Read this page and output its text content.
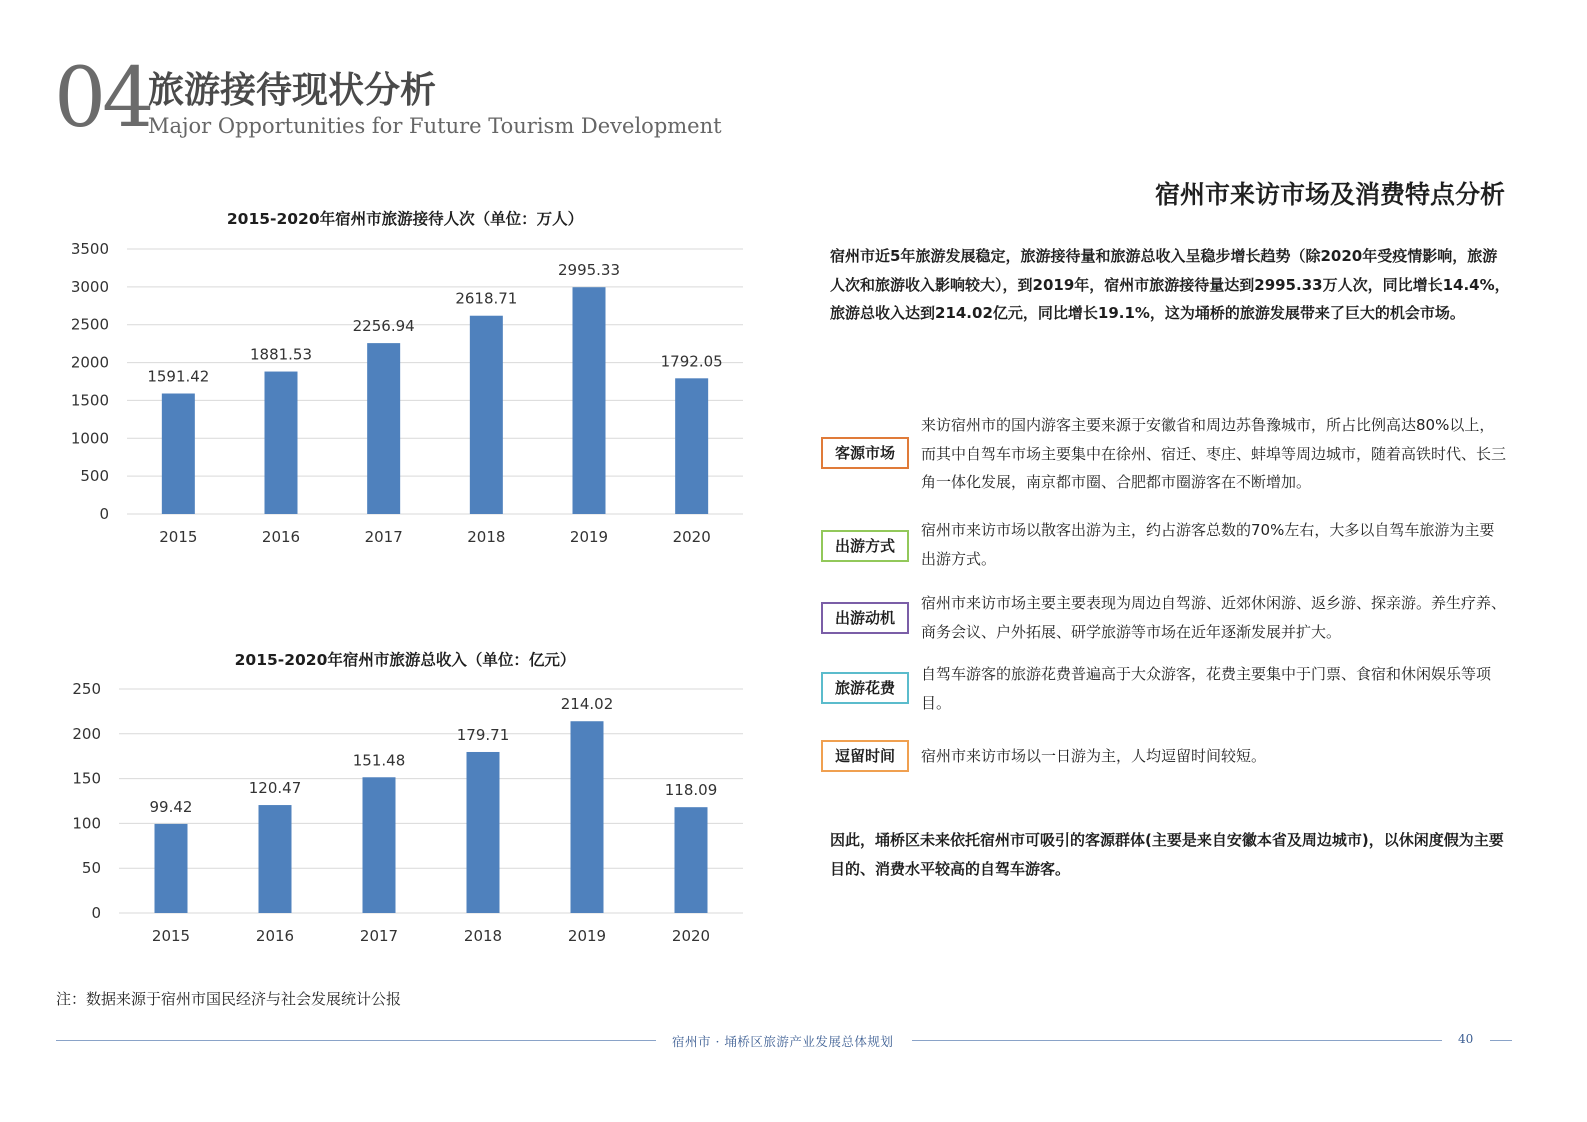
04
旅游接待现状分析
Major Opportunities for Future Tourism Development
2015-2020年宿州市旅游接待人次（单位：万人）
0
500
1000
1500
2000
2500
3000
3500
1591.42
2015
1881.53
2016
2256.94
2017
2618.71
2018
2995.33
2019
1792.05
2020
2015-2020年宿州市旅游总收入（单位：亿元）
0
50
100
150
200
250
99.42
2015
120.47
2016
151.48
2017
179.71
2018
214.02
2019
118.09
2020
注：数据来源于宿州市国民经济与社会发展统计公报
宿州市来访市场及消费特点分析
宿州市近5年旅游发展稳定，旅游接待量和旅游总收入呈稳步增长趋势（除2020年受疫情影响，旅游人次和旅游收入影响较大），到2019年，宿州市旅游接待量达到2995.33万人次，同比增长14.4%，旅游总收入达到214.02亿元，同比增长19.1%，这为埇桥的旅游发展带来了巨大的机会市场。
客源市场
来访宿州市的国内游客主要来源于安徽省和周边苏鲁豫城市，所占比例高达80%以上，而其中自驾车市场主要集中在徐州、宿迁、枣庄、蚌埠等周边城市，随着高铁时代、长三角一体化发展，南京都市圈、合肥都市圈游客在不断增加。
出游方式
宿州市来访市场以散客出游为主，约占游客总数的70%左右，大多以自驾车旅游为主要出游方式。
出游动机
宿州市来访市场主要主要表现为周边自驾游、近郊休闲游、返乡游、探亲游。养生疗养、商务会议、户外拓展、研学旅游等市场在近年逐渐发展并扩大。
旅游花费
自驾车游客的旅游花费普遍高于大众游客，花费主要集中于门票、食宿和休闲娱乐等项目。
逗留时间	宿州市来访市场以一日游为主，人均逗留时间较短。
因此，埇桥区未来依托宿州市可吸引的客源群体(主要是来自安徽本省及周边城市)，以休闲度假为主要目的、消费水平较高的自驾车游客。
宿州市 · 埇桥区旅游产业发展总体规划	40
